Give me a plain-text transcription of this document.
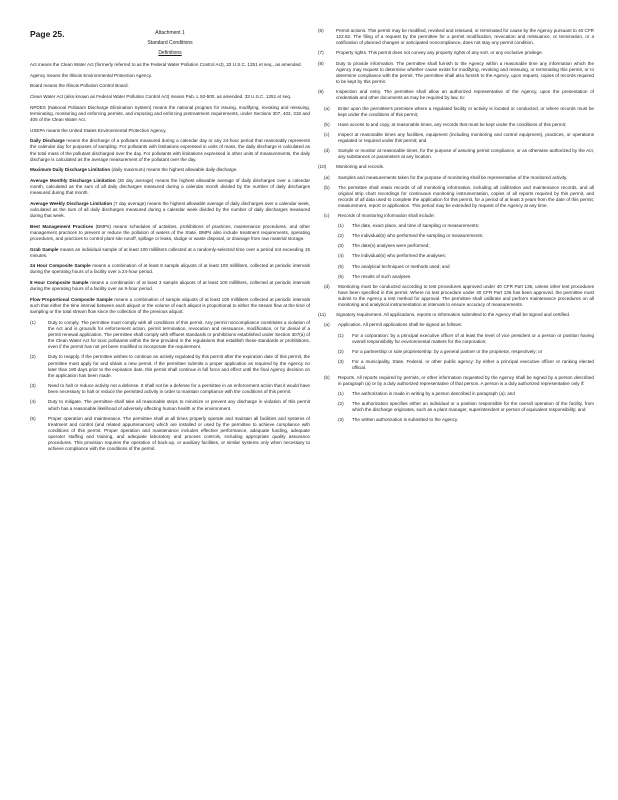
Page 25.	Attachment 1
Standard Conditions
Definitions

Act means the Clean Water Act (formerly referred to as the Federal Water Pollution Control Act), 33 U.S.C. 1251 et seq., as amended.

Agency means the Illinois Environmental Protection Agency.

Board means the Illinois Pollution Control Board.

Clean Water Act (also known as Federal Water Pollution Control Act) means Pub. L 92-500, as amended. 33 U.S.C. 1251 et seq.

NPDES (National Pollutant Discharge Elimination System) means the national program for issuing, modifying, revoking and reissuing, terminating, monitoring and enforcing permits, and imposing and enforcing pretreatment requirements, under Sections 307, 402, 318 and 405 of the Clean Water Act.

USEPA means the United States Environmental Protection Agency.

Daily Discharge means the discharge of a pollutant measured during a calendar day or any 24-hour period that reasonably represents the calendar day for purposes of sampling. For pollutants with limitations expressed in units of mass, the daily discharge is calculated as the total mass of the pollutant discharged over the day. For pollutants with limitations expressed in other units of measurements, the daily discharge is calculated as the average measurement of the pollutant over the day.

Maximum Daily Discharge Limitation (daily maximum) means the highest allowable daily discharge.

Average Monthly Discharge Limitation (30 day average) means the highest allowable average of daily discharges over a calendar month, calculated as the sum of all daily discharges measured during a calendar month divided by the number of daily discharges measured during that month.

Average Weekly Discharge Limitation (7 day average) means the highest allowable average of daily discharges over a calendar week, calculated as the sum of all daily discharges measured during a calendar week divided by the number of daily discharges measured during that week.

Best Management Practices (BMPs) means schedules of activities, prohibitions of practices, maintenance procedures, and other management practices to prevent or reduce the pollution of waters of the State. BMPs also include treatment requirements, operating procedures, and practices to control plant site runoff, spillage or leaks, sludge or waste disposal, or drainage from raw material storage.

Grab Sample means an individual sample of at least 100 milliliters collected at a randomly-selected time over a period not exceeding 15 minutes.

24 Hour Composite Sample means a combination of at least 8 sample aliquots of at least 100 milliliters, collected at periodic intervals during the operating hours of a facility over a 24-hour period.

8 Hour Composite Sample means a combination of at least 3 sample aliquots of at least 100 milliliters, collected at periodic intervals during the operating hours of a facility over an 8-hour period.

Flow Proportional Composite Sample means a combination of sample aliquots of at least 100 milliliters collected at periodic intervals such that either the time interval between each aliquot or the volume of each aliquot is proportional to either the stream flow at the time of sampling or the total stream flow since the collection of the previous aliquot.

(1)	Duty to comply. The permittee must comply with all conditions of this permit. Any permit noncompliance constitutes a violation of the Act and is grounds for enforcement action, permit termination, revocation and reissuance, modification, or for denial of a permit renewal application. The permittee shall comply with effluent standards or prohibitions established under Section 307(a) of the Clean Water Act for toxic pollutants within the time provided in the regulations that establish these standards or prohibitions, even if the permit has not yet been modified to incorporate the requirement.
(2)	Duty to reapply. If the permittee wishes to continue an activity regulated by this permit after the expiration date of this permit, the permittee must apply for and obtain a new permit. If the permittee submits a proper application as required by the Agency no later than 180 days prior to the expiration date, this permit shall continue in full force and effect until the final Agency decision on the application has been made.
(3)	Need to halt or reduce activity not a defense. It shall not be a defense for a permittee in an enforcement action that it would have been necessary to halt or reduce the permitted activity in order to maintain compliance with the conditions of this permit.
(4)	Duty to mitigate. The permittee shall take all reasonable steps to minimize or prevent any discharge in violation of this permit which has a reasonable likelihood of adversely affecting human health or the environment.
(5)	Proper operation and maintenance. The permittee shall at all times properly operate and maintain all facilities and systems of treatment and control (and related appurtenances) which are installed or used by the permittee to achieve compliance with conditions of this permit. Proper operation and maintenance includes effective performance, adequate funding, adequate operator staffing and training, and adequate laboratory and process controls, including appropriate quality assurance procedures. This provision requires the operation of back-up, or auxiliary facilities, or similar systems only when necessary to achieve compliance with the conditions of the permit.
(6)	Permit actions. This permit may be modified, revoked and reissued, or terminated for cause by the Agency pursuant to 40 CFR 122.62. The filing of a request by the permittee for a permit modification, revocation and reissuance, or termination, or a notification of planned changes or anticipated noncompliance, does not stay any permit condition.
(7)	Property rights. This permit does not convey any property rights of any sort, or any exclusive privilege.
(8)	Duty to provide information. The permittee shall furnish to the Agency within a reasonable time any information which the Agency may request to determine whether cause exists for modifying, revoking and reissuing, or terminating this permit, or to determine compliance with the permit. The permittee shall also furnish to the Agency, upon request, copies of records required to be kept by this permit.
(9)	Inspection and entry. The permittee shall allow an authorized representative of the Agency, upon the presentation of credentials and other documents as may be required by law, to:
(a) Enter upon the permittee's premises where a regulated facility or activity is located or conducted, or where records must be kept under the conditions of this permit;
(b) Have access to and copy, at reasonable times, any records that must be kept under the conditions of this permit;
(c) Inspect at reasonable times any facilities, equipment (including monitoring and control equipment), practices, or operations regulated or required under this permit; and
(d) Sample or monitor at reasonable times, for the purpose of assuring permit compliance, or as otherwise authorized by the Act, any substances or parameters at any location.
(10) Monitoring and records.
(a) Samples and measurements taken for the purpose of monitoring shall be representative of the monitored activity.
(b) The permittee shall retain records of all monitoring information, including all calibration and maintenance records, and all original strip chart recordings for continuous monitoring instrumentation, copies of all reports required by this permit, and records of all data used to complete the application for this permit, for a period of at least 3 years from the date of this permit, measurement, report or application. This period may be extended by request of the Agency at any time.
(c) Records of monitoring information shall include:
(1) The date, exact place, and time of sampling or measurements;
(2) The individual(s) who performed the sampling or measurements;
(3) The date(s) analyses were performed;
(4) The individual(s) who performed the analyses;
(5) The analytical techniques or methods used; and
(6) The results of such analyses.
(d) Monitoring must be conducted according to test procedures approved under 40 CFR Part 136, unless other test procedures have been specified in this permit. Where no test procedure under 40 CFR Part 136 has been approved, the permittee must submit to the Agency a test method for approval. The permittee shall calibrate and perform maintenance procedures on all monitoring and analytical instrumentation at intervals to ensure accuracy of measurements.
(11) Signatory requirement. All applications, reports or information submitted to the Agency shall be signed and certified.
(a) Application. All permit applications shall be signed as follows:
(1) For a corporation: by a principal executive officer of at least the level of vice president or a person or position having overall responsibility for environmental matters for the corporation;
(2) For a partnership or sole proprietorship: by a general partner or the proprietor, respectively; or
(3) For a municipality, State, Federal, or other public agency: by either a principal executive officer or ranking elected official.
(b) Reports. All reports required by permits, or other information requested by the Agency shall be signed by a person described in paragraph (a) or by a duly authorized representative of that person. A person is a duly authorized representative only if:
(1) The authorization is made in writing by a person described in paragraph (a); and
(2) The authorization specifies either an individual or a position responsible for the overall operation of the facility, from which the discharge originates, such as a plant manager, superintendent or person of equivalent responsibility; and
(3) The written authorization is submitted to the Agency.
